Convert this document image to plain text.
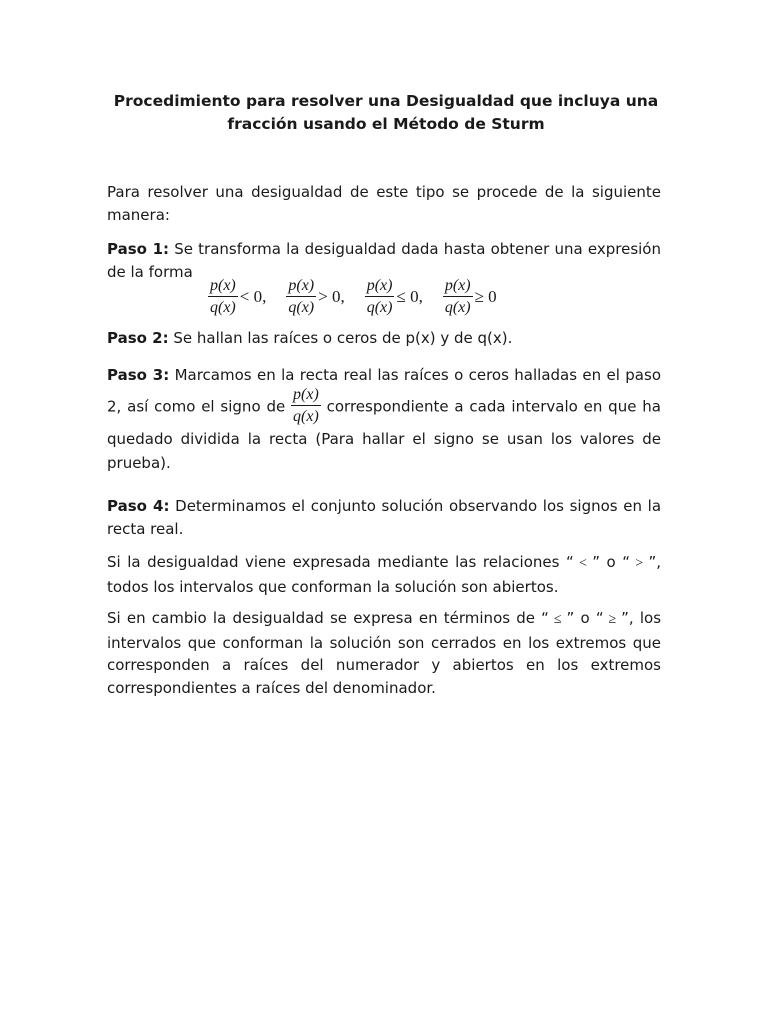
Procedimiento para resolver una Desigualdad que incluya una
fracción usando el Método de Sturm
Para resolver una desigualdad de este tipo se procede de la siguiente manera:
Paso 1: Se transforma la desigualdad dada hasta obtener una expresión de la forma
$\frac{p(x)}{q(x)} < 0$, $\frac{p(x)}{q(x)} > 0$, $\frac{p(x)}{q(x)} \le 0$, $\frac{p(x)}{q(x)} \ge 0$
Paso 2: Se hallan las raíces o ceros de p(x) y de q(x).
Paso 3: Marcamos en la recta real las raíces o ceros halladas en el paso 2, así como el signo de $\frac{p(x)}{q(x)}$ correspondiente a cada intervalo en que ha quedado dividida la recta (Para hallar el signo se usan los valores de prueba).
Paso 4: Determinamos el conjunto solución observando los signos en la recta real.
Si la desigualdad viene expresada mediante las relaciones “ < ” o “ > ”, todos los intervalos que conforman la solución son abiertos.
Si en cambio la desigualdad se expresa en términos de “ ≤ ” o “ ≥ ”, los intervalos que conforman la solución son cerrados en los extremos que corresponden a raíces del numerador y abiertos en los extremos correspondientes a raíces del denominador.
